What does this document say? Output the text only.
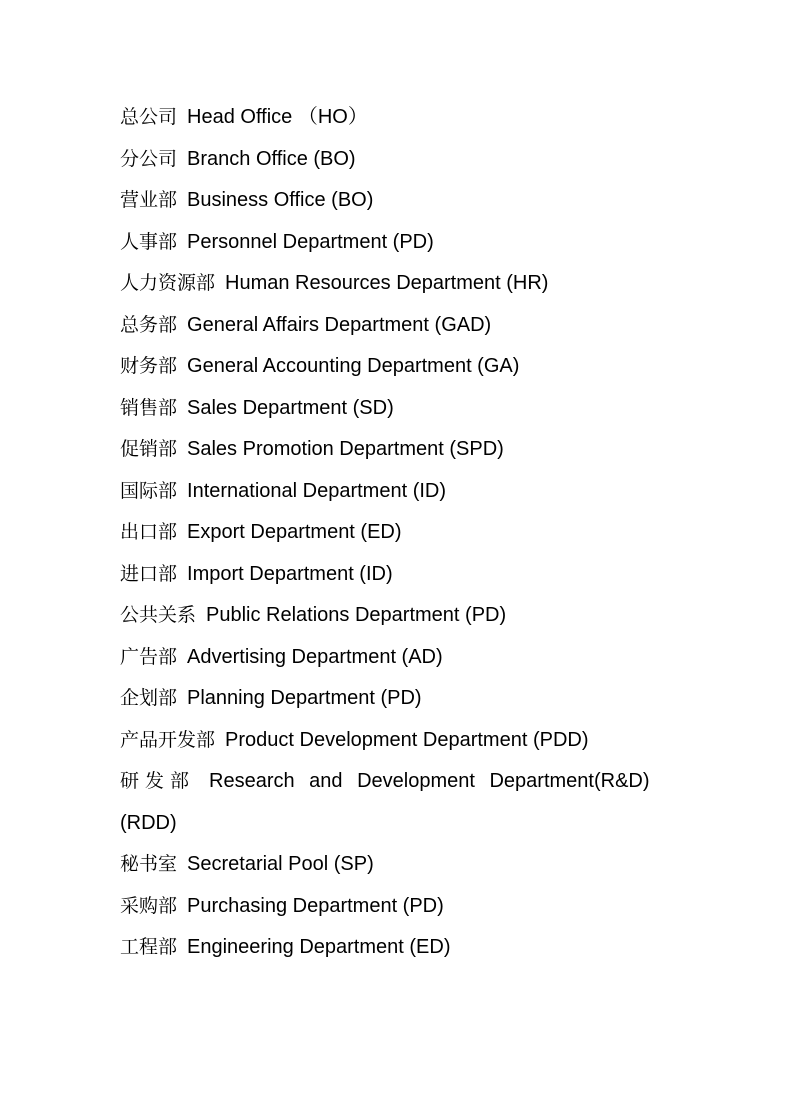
总公司 Head Office （HO）
分公司 Branch Office (BO)
营业部 Business Office (BO)
人事部 Personnel Department (PD)
人力资源部 Human Resources Department (HR)
总务部 General Affairs Department (GAD)
财务部 General Accounting Department (GA)
销售部 Sales Department (SD)
促销部 Sales Promotion Department (SPD)
国际部 International Department (ID)
出口部 Export Department (ED)
进口部 Import Department (ID)
公共关系 Public Relations Department (PD)
广告部 Advertising Department (AD)
企划部 Planning Department (PD)
产品开发部 Product Development Department (PDD)
研发部 Research and Development Department(R&D)
(RDD)
秘书室 Secretarial Pool (SP)
采购部 Purchasing Department (PD)
工程部 Engineering Department (ED)
